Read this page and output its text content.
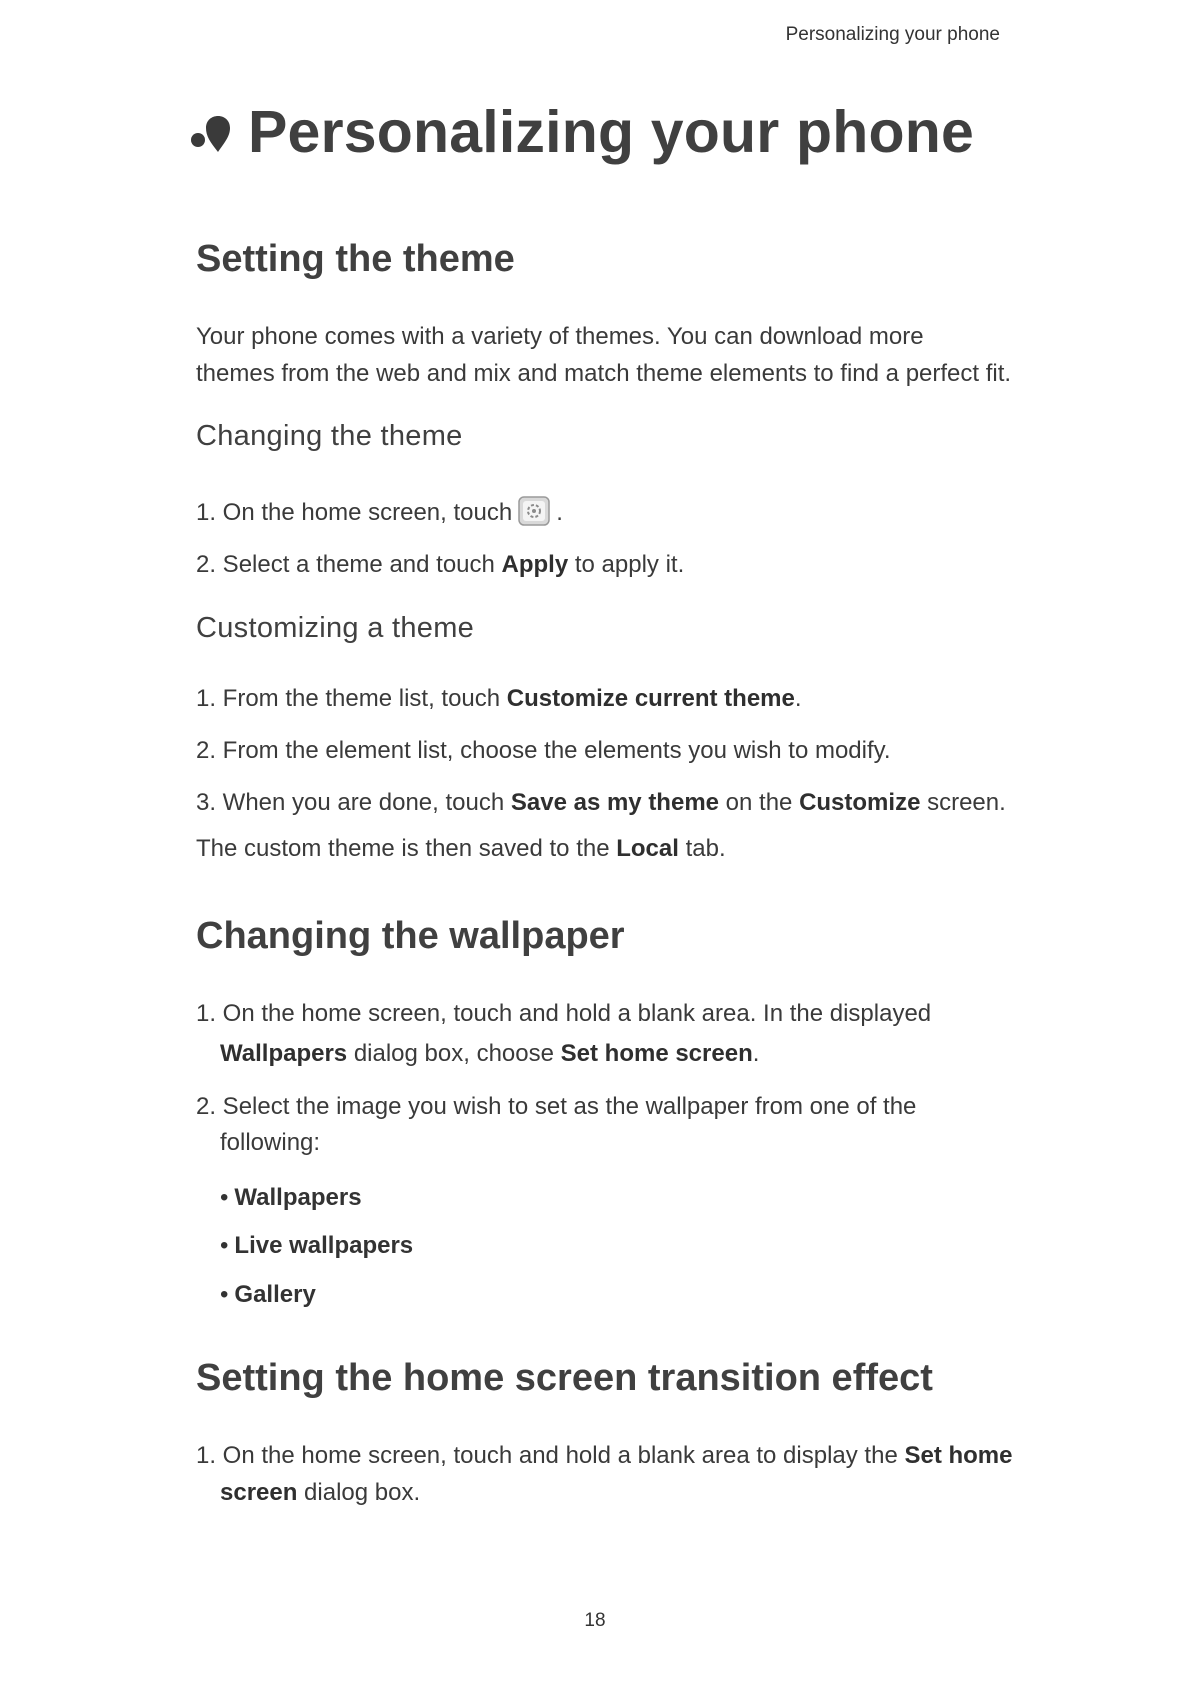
Personalizing your phone
Personalizing your phone
Setting the theme
Your phone comes with a variety of themes. You can download more
themes from the web and mix and match theme elements to find a perfect fit.
Changing the theme
1. On the home screen, touch .
2. Select a theme and touch Apply to apply it.
Customizing a theme
1. From the theme list, touch Customize current theme.
2. From the element list, choose the elements you wish to modify.
3. When you are done, touch Save as my theme on the Customize screen.
The custom theme is then saved to the Local tab.
Changing the wallpaper
1. On the home screen, touch and hold a blank area. In the displayed
Wallpapers dialog box, choose Set home screen.
2. Select the image you wish to set as the wallpaper from one of the
following:
• Wallpapers
• Live wallpapers
• Gallery
Setting the home screen transition effect
1. On the home screen, touch and hold a blank area to display the Set home
screen dialog box.
18
